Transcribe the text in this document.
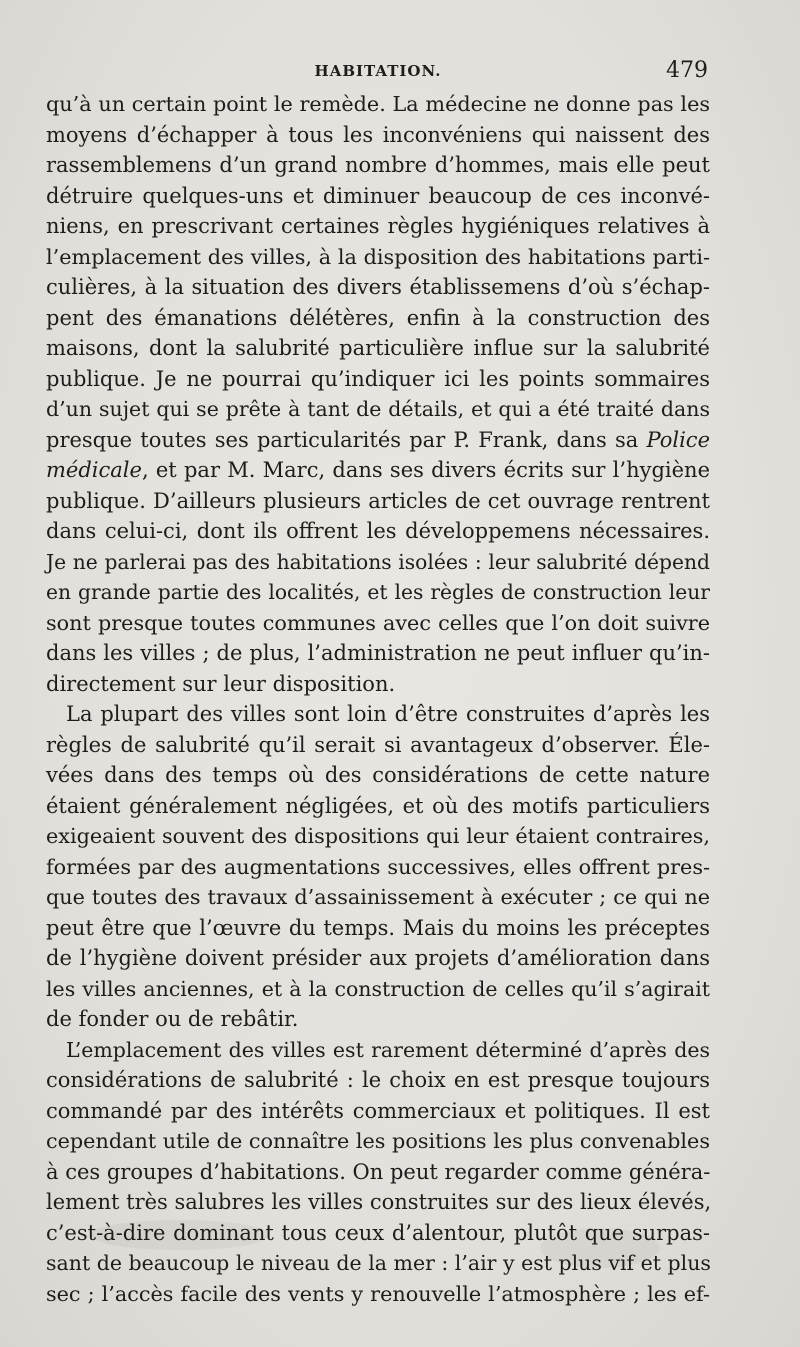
HABITATION.	479
qu’à un certain point le remède. La médecine ne donne pas les
moyens d’échapper à tous les inconvéniens qui naissent des
rassemblemens d’un grand nombre d’hommes, mais elle peut
détruire quelques-uns et diminuer beaucoup de ces inconvé-
niens, en prescrivant certaines règles hygiéniques relatives à
l’emplacement des villes, à la disposition des habitations parti-
culières, à la situation des divers établissemens d’où s’échap-
pent des émanations délétères, enfin à la construction des
maisons, dont la salubrité particulière influe sur la salubrité
publique. Je ne pourrai qu’indiquer ici les points sommaires
d’un sujet qui se prête à tant de détails, et qui a été traité dans
presque toutes ses particularités par P. Frank, dans sa Police
médicale, et par M. Marc, dans ses divers écrits sur l’hygiène
publique. D’ailleurs plusieurs articles de cet ouvrage rentrent
dans celui-ci, dont ils offrent les développemens nécessaires.
Je ne parlerai pas des habitations isolées : leur salubrité dépend
en grande partie des localités, et les règles de construction leur
sont presque toutes communes avec celles que l’on doit suivre
dans les villes ; de plus, l’administration ne peut influer qu’in-
directement sur leur disposition.
La plupart des villes sont loin d’être construites d’après les
règles de salubrité qu’il serait si avantageux d’observer. Éle-
vées dans des temps où des considérations de cette nature
étaient généralement négligées, et où des motifs particuliers
exigeaient souvent des dispositions qui leur étaient contraires,
formées par des augmentations successives, elles offrent pres-
que toutes des travaux d’assainissement à exécuter ; ce qui ne
peut être que l’œuvre du temps. Mais du moins les préceptes
de l’hygiène doivent présider aux projets d’amélioration dans
les villes anciennes, et à la construction de celles qu’il s’agirait
de fonder ou de rebâtir.
L’emplacement des villes est rarement déterminé d’après des
considérations de salubrité : le choix en est presque toujours
commandé par des intérêts commerciaux et politiques. Il est
cependant utile de connaître les positions les plus convenables
à ces groupes d’habitations. On peut regarder comme généra-
lement très salubres les villes construites sur des lieux élevés,
c’est-à-dire dominant tous ceux d’alentour, plutôt que surpas-
sant de beaucoup le niveau de la mer : l’air y est plus vif et plus
sec ; l’accès facile des vents y renouvelle l’atmosphère ; les ef-
